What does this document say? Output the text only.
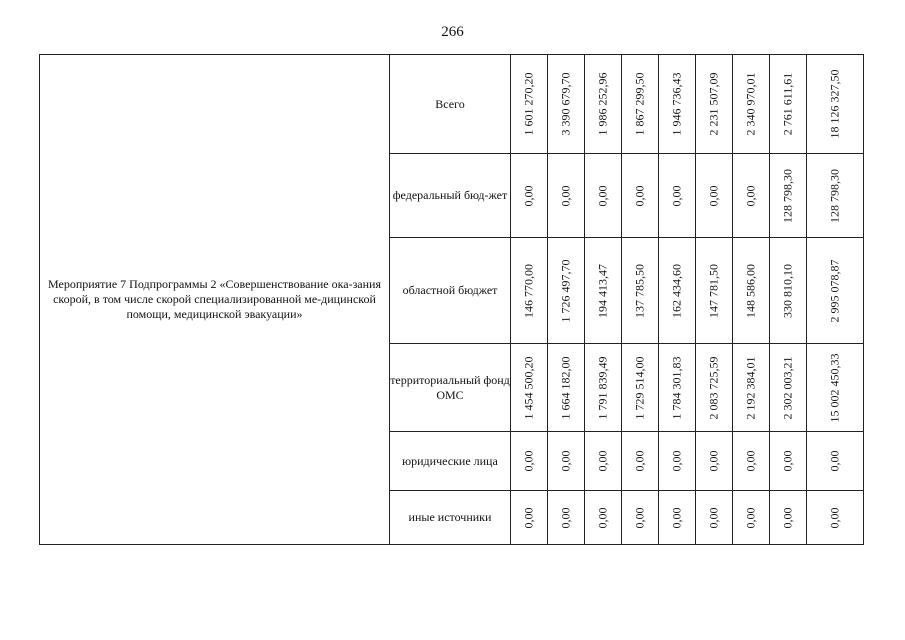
266
Мероприятие 7 Подпрограммы 2 «Совершенствование ока-зания скорой, в том числе скорой специализированной ме-дицинской помощи, медицинской эвакуации»	Всего	1 601 270,20	3 390 679,70	1 986 252,96	1 867 299,50	1 946 736,43	2 231 507,09	2 340 970,01	2 761 611,61	18 126 327,50

	федеральный бюд-жет	0,00	0,00	0,00	0,00	0,00	0,00	0,00	128 798,30	128 798,30

	областной бюджет	146 770,00	1 726 497,70	194 413,47	137 785,50	162 434,60	147 781,50	148 586,00	330 810,10	2 995 078,87

	территориальный фонд ОМС	1 454 500,20	1 664 182,00	1 791 839,49	1 729 514,00	1 784 301,83	2 083 725,59	2 192 384,01	2 302 003,21	15 002 450,33

	юридические лица	0,00	0,00	0,00	0,00	0,00	0,00	0,00	0,00	0,00

	иные источники	0,00	0,00	0,00	0,00	0,00	0,00	0,00	0,00	0,00
